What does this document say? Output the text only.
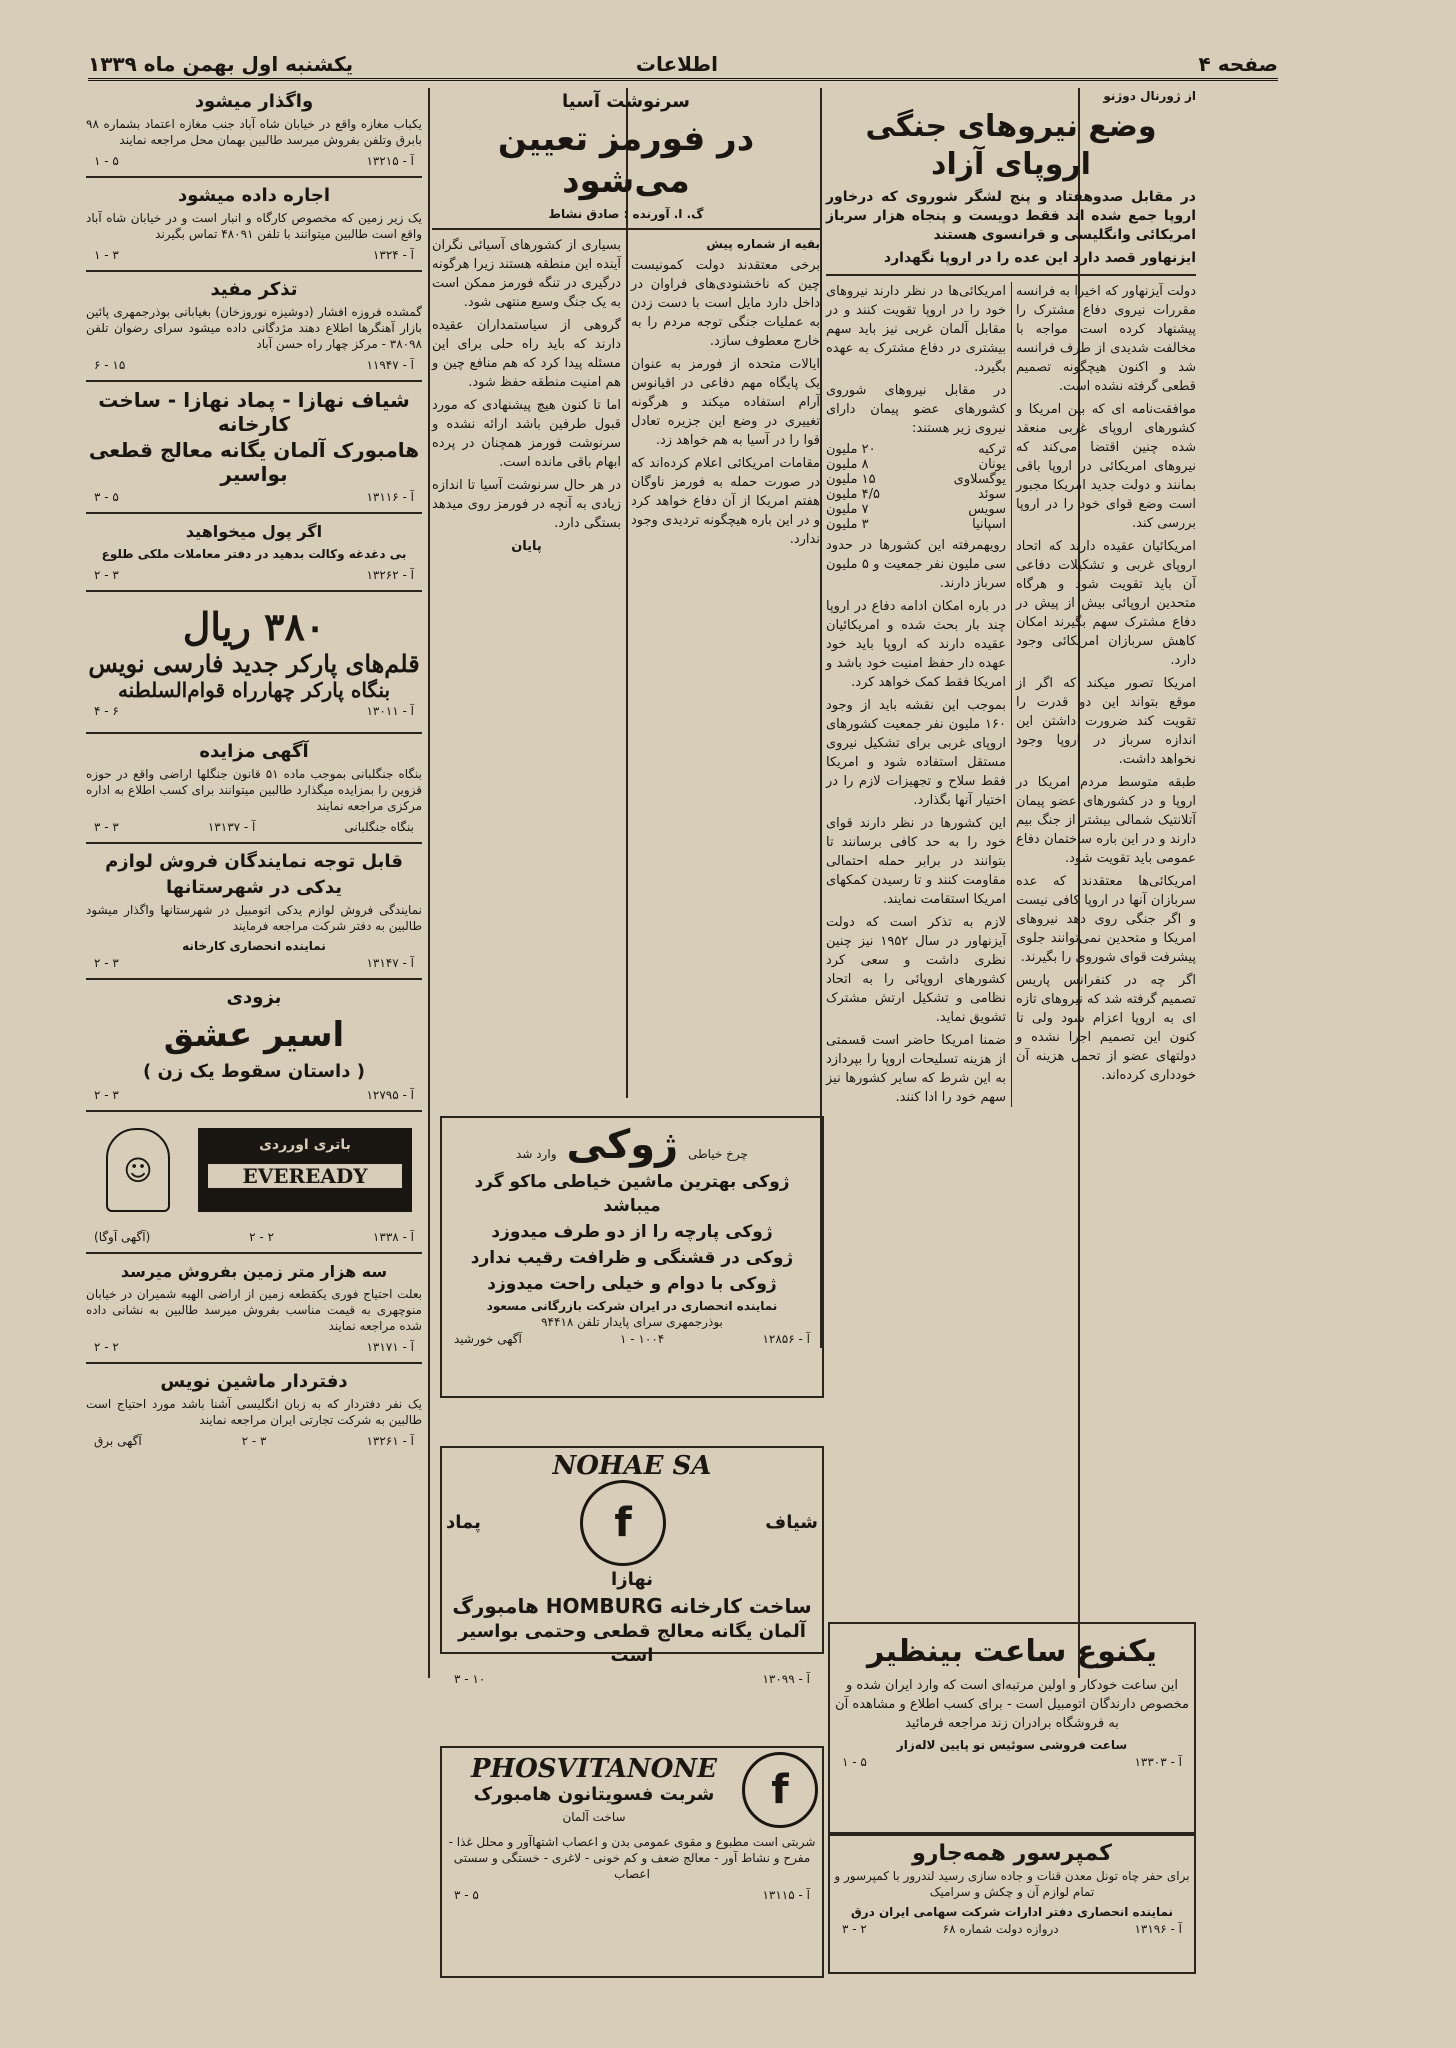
صفحه ۴
اطلاعات
یکشنبه اول بهمن ماه ۱۳۳۹
از ژورنال دوژنو
وضع نیروهای جنگی اروپای آزاد
در مقابل صدوهفتاد و پنج لشگر شوروی که درخاور اروپا جمع شده اند فقط دویست و پنجاه هزار سرباز امریکائی وانگلیسی و فرانسوی هستند
ایزنهاور قصد دارد این عده را در اروپا نگهدارد

دولت آیزنهاور که اخیرا به فرانسه مقررات نیروی دفاع مشترک را پیشنهاد کرده است مواجه با مخالفت شدیدی از طرف فرانسه شد و اکنون هیچگونه تصمیم قطعی گرفته نشده است.

موافقت‌نامه ای که بین امریکا و کشورهای اروپای غربی منعقد شده چنین اقتضا می‌کند که نیروهای امریکائی در اروپا باقی بمانند و دولت جدید امریکا مجبور است وضع قوای خود را در اروپا بررسی کند.

امریکائیان عقیده دارند که اتحاد اروپای غربی و تشکیلات دفاعی آن باید تقویت شود و هرگاه متحدین اروپائی بیش از پیش در دفاع مشترک سهم بگیرند امکان کاهش سربازان امریکائی وجود دارد.

امریکا تصور میکند که اگر از موقع بتواند این دو قدرت را تقویت کند ضرورت داشتن این اندازه سرباز در اروپا وجود نخواهد داشت.

طبقه متوسط مردم امریکا در اروپا و در کشورهای عضو پیمان آتلانتیک شمالی بیشتر از جنگ بیم دارند و در این باره ساختمان دفاع عمومی باید تقویت شود.

امریکائی‌ها معتقدند که عده سربازان آنها در اروپا کافی نیست و اگر جنگی روی دهد نیروهای امریکا و متحدین نمی‌توانند جلوی پیشرفت قوای شوروی را بگیرند.

اگر چه در کنفرانس پاریس تصمیم گرفته شد که نیروهای تازه ای به اروپا اعزام شود ولی تا کنون این تصمیم اجرا نشده و دولتهای عضو از تحمل هزینه آن خودداری کرده‌اند.

امریکائی‌ها در نظر دارند نیروهای خود را در اروپا تقویت کنند و در مقابل آلمان غربی نیز باید سهم بیشتری در دفاع مشترک به عهده بگیرد.

در مقابل نیروهای شوروی کشورهای عضو پیمان دارای نیروی زیر هستند:

ترکیه
۲۰ ملیون
یونان
۸ ملیون
یوگسلاوی
۱۵ ملیون
سوئد
۴/۵ ملیون
سویس
۷ ملیون
اسپانیا
۳ ملیون

رویهمرفته این کشورها در حدود سی ملیون نفر جمعیت و ۵ ملیون سرباز دارند.

در باره امکان ادامه دفاع در اروپا چند بار بحث شده و امریکائیان عقیده دارند که اروپا باید خود عهده دار حفظ امنیت خود باشد و امریکا فقط کمک خواهد کرد.

بموجب این نقشه باید از وجود ۱۶۰ ملیون نفر جمعیت کشورهای اروپای غربی برای تشکیل نیروی مستقل استفاده شود و امریکا فقط سلاح و تجهیزات لازم را در اختیار آنها بگذارد.

این کشورها در نظر دارند قوای خود را به حد کافی برسانند تا بتوانند در برابر حمله احتمالی مقاومت کنند و تا رسیدن کمکهای امریکا استقامت نمایند.

لازم به تذکر است که دولت آیزنهاور در سال ۱۹۵۲ نیز چنین نظری داشت و سعی کرد کشورهای اروپائی را به اتحاد نظامی و تشکیل ارتش مشترک تشویق نماید.

ضمنا امریکا حاضر است قسمتی از هزینه تسلیحات اروپا را بپردازد به این شرط که سایر کشورها نیز سهم خود را ادا کنند.

سرنوشت آسیا
در فورمز تعیین می‌شود
گ. ا. آورنده : صادق نشاط

بقیه از شماره پیش

برخی معتقدند دولت کمونیست چین که ناخشنودی‌های فراوان در داخل دارد مایل است با دست زدن به عملیات جنگی توجه مردم را به خارج معطوف سازد.

ایالات متحده از فورمز به عنوان یک پایگاه مهم دفاعی در اقیانوس آرام استفاده میکند و هرگونه تغییری در وضع این جزیره تعادل قوا را در آسیا به هم خواهد زد.

مقامات امریکائی اعلام کرده‌اند که در صورت حمله به فورمز ناوگان هفتم امریکا از آن دفاع خواهد کرد و در این باره هیچگونه تردیدی وجود ندارد.

بسیاری از کشورهای آسیائی نگران آینده این منطقه هستند زیرا هرگونه درگیری در تنگه فورمز ممکن است به یک جنگ وسیع منتهی شود.

گروهی از سیاستمداران عقیده دارند که باید راه حلی برای این مسئله پیدا کرد که هم منافع چین و هم امنیت منطقه حفظ شود.

اما تا کنون هیچ پیشنهادی که مورد قبول طرفین باشد ارائه نشده و سرنوشت فورمز همچنان در پرده ابهام باقی مانده است.

در هر حال سرنوشت آسیا تا اندازه زیادی به آنچه در فورمز روی میدهد بستگی دارد.

پایان

چرخ خیاطی
ژوکی
وارد شد
ژوکی بهترین ماشین خیاطی ماکو گرد میباشد
ژوکی پارچه را از دو طرف میدوزد
ژوکی در قشنگی و ظرافت رقیب ندارد
ژوکی با دوام و خیلی راحت میدوزد
نماینده انحصاری در ایران شرکت بازرگانی مسعود
بوذرجمهری سرای پایدار تلفن ۹۴۴۱۸
آگهی خورشید	۱ - ۱۰۰۴	آ - ۱۲۸۵۶
NOHAE SA
شیاف
f
پماد
نهازا
ساخت کارخانه HOMBURG هامبورگ
آلمان یگانه معالج قطعی وحتمی بواسیر است
۳ - ۱۰	آ - ۱۳۰۹۹
f
PHOSVITANONE
شربت فسویتانون هامبورک
ساخت آلمان
شربتی است مطبوع و مقوی عمومی بدن و اعصاب اشتهاآور و محلل غذا - مفرح و نشاط آور - معالج ضعف و کم خونی - لاغری - خستگی و سستی اعصاب
۳ - ۵	آ - ۱۳۱۱۵
یکنوع ساعت بینظیر
این ساعت خودکار و اولین مرتبه‌ای است که وارد ایران شده و مخصوص دارندگان اتومبیل است - برای کسب اطلاع و مشاهده آن به فروشگاه برادران زند مراجعه فرمائید
ساعت فروشی سوئیس نو پایین لاله‌زار
۱ - ۵	آ - ۱۳۳۰۳
کمپرسور همه‌جارو
برای حفر چاه تونل معدن قنات و جاده سازی رسید لندرور با کمپرسور و تمام لوازم آن و چکش و سرامیک
نماینده انحصاری دفتر ادارات شرکت سهامی ایران درق
۳ - ۲	دروازه دولت شماره ۶۸	آ - ۱۳۱۹۶
واگذار میشود
یکباب مغازه واقع در خیابان شاه آباد جنب مغازه اعتماد بشماره ۹۸ بابرق وتلفن بفروش میرسد طالبین بهمان محل مراجعه نمایند
۱ - ۵	آ - ۱۳۲۱۵
اجاره داده میشود
یک زیر زمین که مخصوص کارگاه و انبار است و در خیابان شاه آباد واقع است طالبین میتوانند با تلفن ۴۸۰۹۱ تماس بگیرند
۱ - ۳	آ - ۱۳۲۴
تذکر مفید
گمشده فروزه افشار (دوشیزه نوروزخان) بغیابانی بوذرجمهری پائین بازار آهنگرها اطلاع دهند مژدگانی داده میشود سرای رضوان تلفن ۳۸۰۹۸ - مرکز چهار راه حسن آباد
۶ - ۱۵	آ - ۱۱۹۴۷
شیاف نهازا - پماد نهازا - ساخت کارخانه
هامبورک آلمان یگانه معالج قطعی بواسیر
۳ - ۵	آ - ۱۳۱۱۶
اگر پول میخواهید
بی دغدغه وکالت بدهید در دفتر معاملات ملکی طلوع
۲ - ۳	آ - ۱۳۲۶۲
۳۸۰ ریال
قلم‌های پارکر جدید فارسی نویس
بنگاه پارکر چهارراه قوام‌السلطنه
۴ - ۶	آ - ۱۳۰۱۱
آگهی مزایده
بنگاه جنگلبانی بموجب ماده ۵۱ قانون جنگلها اراضی واقع در حوزه قزوین را بمزایده میگذارد طالبین میتوانند برای کسب اطلاع به اداره مرکزی مراجعه نمایند
۳ - ۳	آ - ۱۳۱۳۷	بنگاه جنگلبانی
قابل توجه نمایندگان فروش لوازم
یدکی در شهرستانها
نمایندگی فروش لوازم یدکی اتومبیل در شهرستانها واگذار میشود طالبین به دفتر شرکت مراجعه فرمایند
نماینده انحصاری کارخانه
۲ - ۳	آ - ۱۳۱۴۷
بزودی
اسیر عشق
( داستان سقوط یک زن )
۲ - ۳	آ - ۱۲۷۹۵
☺
باتری اورردی
EVEREADY
(آگهی آوگا)	۲ - ۲	آ - ۱۳۳۸
سه هزار متر زمین بفروش میرسد
بعلت احتیاج فوری یکقطعه زمین از اراضی الهیه شمیران در خیابان منوچهری به قیمت مناسب بفروش میرسد طالبین به نشانی داده شده مراجعه نمایند
۲ - ۲	آ - ۱۳۱۷۱
دفتردار ماشین نویس
یک نفر دفتردار که به زبان انگلیسی آشنا باشد مورد احتیاج است طالبین به شرکت تجارتی ایران مراجعه نمایند
آگهی برق	۲ - ۳	آ - ۱۳۲۶۱
